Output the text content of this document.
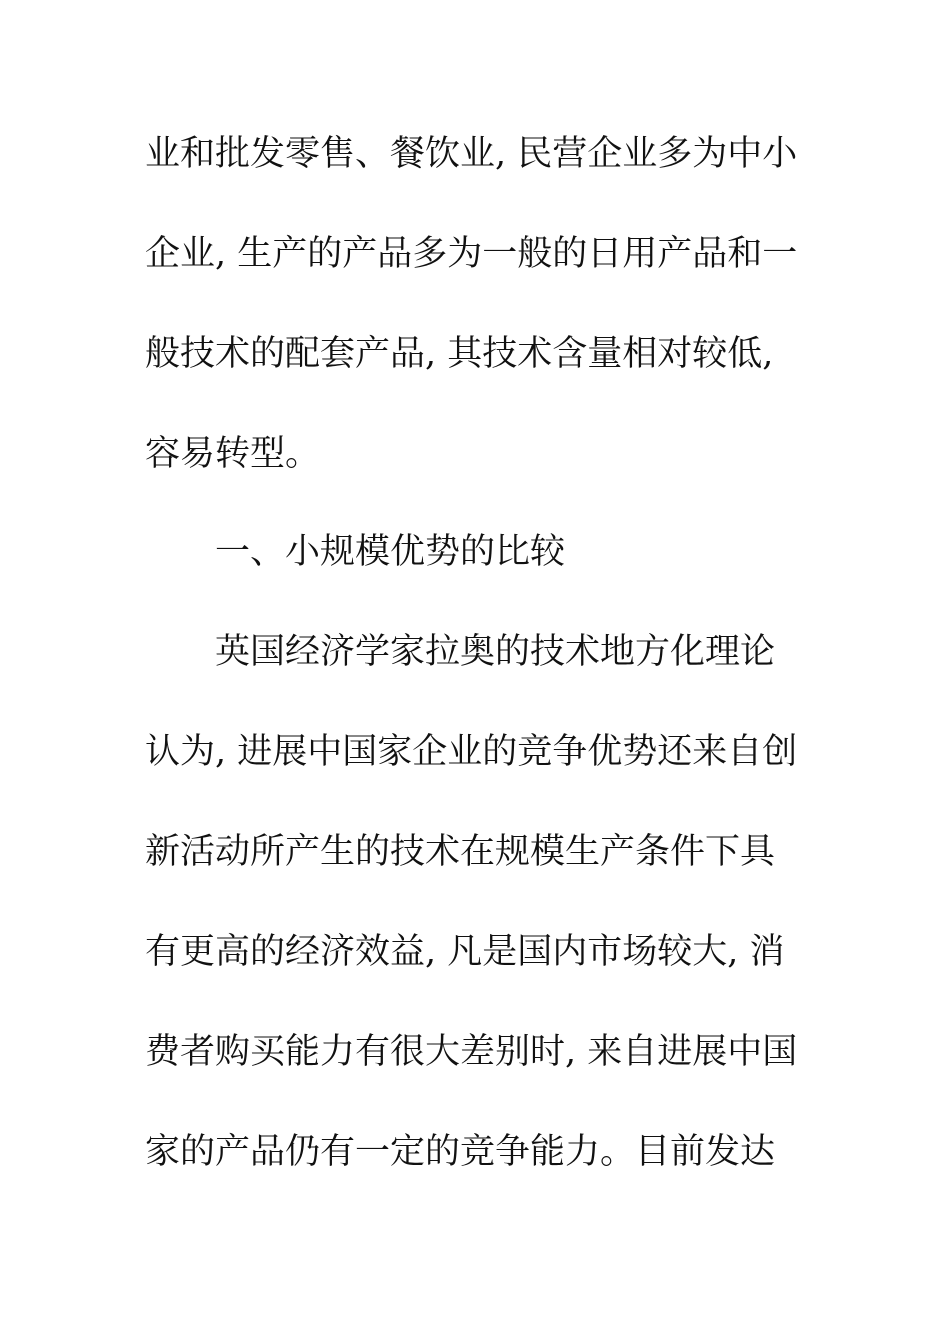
业和批发零售、餐饮业, 民营企业多为中小
企业, 生产的产品多为一般的日用产品和一
般技术的配套产品, 其技术含量相对较低,
容易转型。
一、小规模优势的比较
英国经济学家拉奥的技术地方化理论
认为, 进展中国家企业的竞争优势还来自创
新活动所产生的技术在规模生产条件下具
有更高的经济效益, 凡是国内市场较大, 消
费者购买能力有很大差别时, 来自进展中国
家的产品仍有一定的竞争能力。目前发达
